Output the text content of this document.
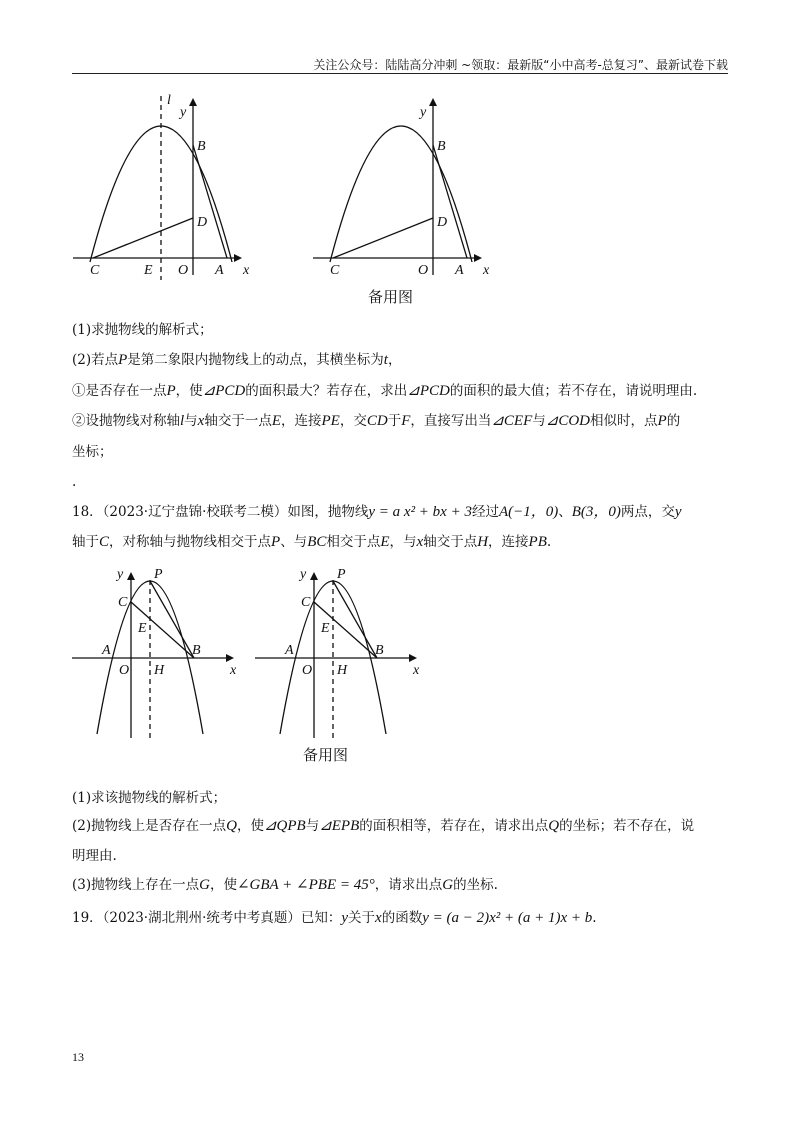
关注公众号：陆陆高分冲刺 ~领取：最新版“小中高考-总复习”、最新试卷下载
l
y
B
D
C	E O A x
y
B
D
C	O A x
备用图
(1)求抛物线的解析式；
(2)若点P是第二象限内抛物线上的动点，其横坐标为t，
①是否存在一点P，使⊿PCD的面积最大？若存在，求出⊿PCD的面积的最大值；若不存在，请说明理由.
②设抛物线对称轴l与x轴交于一点E，连接PE，交CD于F，直接写出当⊿CEF与⊿COD相似时，点P的
坐标；
.
18．（2023·辽宁盘锦·校联考二模）如图，抛物线y = a x² + bx + 3经过A(−1，0)、B(3，0)两点，交y
轴于C，对称轴与抛物线相交于点P、与BC相交于点E，与x轴交于点H，连接PB.
y P
C
E
A
O H
B
x
y P
C
E
A
O H
B
x
备用图
(1)求该抛物线的解析式；
(2)抛物线上是否存在一点Q，使⊿QPB与⊿EPB的面积相等，若存在，请求出点Q的坐标；若不存在，说
明理由.
(3)抛物线上存在一点G，使∠GBA + ∠PBE = 45°，请求出点G的坐标.
19．（2023·湖北荆州·统考中考真题）已知：y关于x的函数y = (a − 2)x² + (a + 1)x + b.
13
